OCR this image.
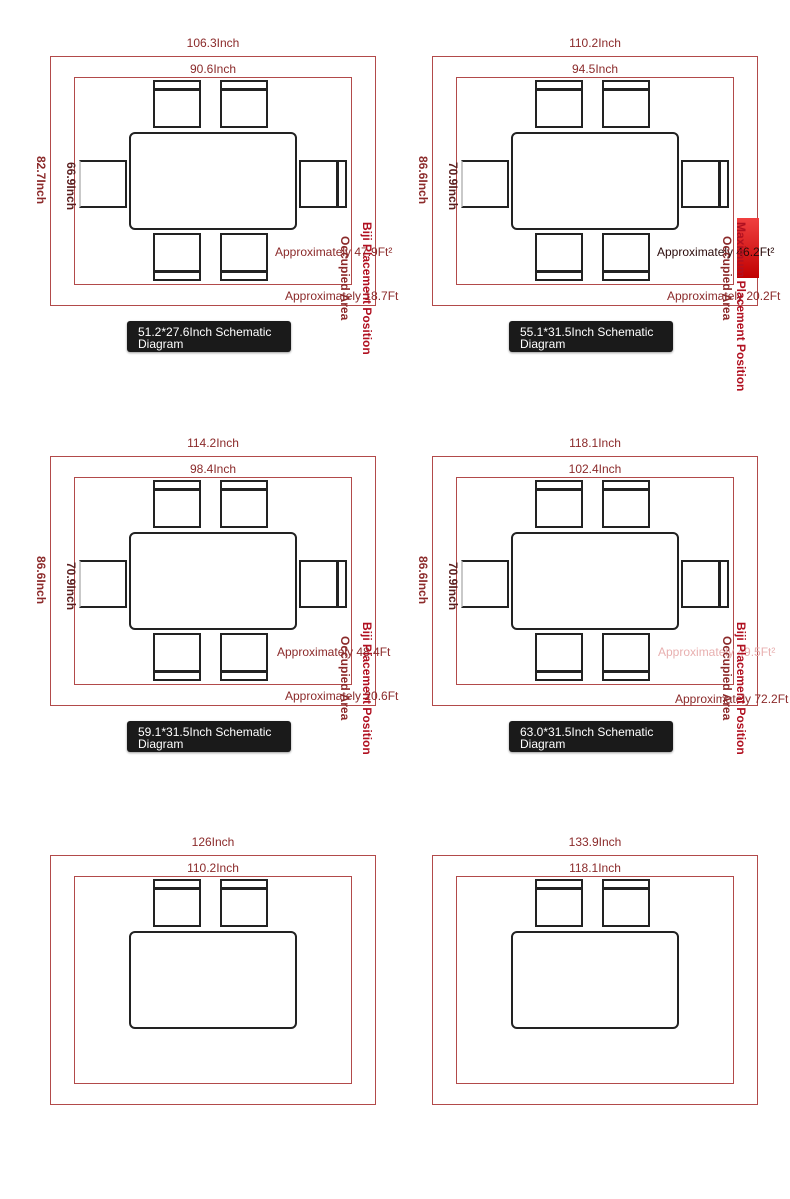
106.3Inch
90.6Inch
82.7Inch 66.9Inch
Approximately 47.9Ft²
Approximately 18.7Ft
Occupied Area Biji Placement Position
51.2*27.6Inch Schematic Diagram
110.2Inch
94.5Inch
86.6Inch 70.9Inch
Approximately 46.2Ft²
Approximately 20.2Ft
Occupied Area Maximum Placement Position
55.1*31.5Inch Schematic Diagram
114.2Inch
98.4Inch
86.6Inch 70.9Inch
Approximately 48.4Ft
Approximately 20.6Ft
Occupied Area Biji Placement Position
59.1*31.5Inch Schematic Diagram
118.1Inch
102.4Inch
86.6Inch 70.9Inch
Approximately 49.5Ft²
Approximately 72.2Ft
Occupied Area Biji Placement Position
63.0*31.5Inch Schematic Diagram
126Inch
110.2Inch
133.9Inch
118.1Inch
